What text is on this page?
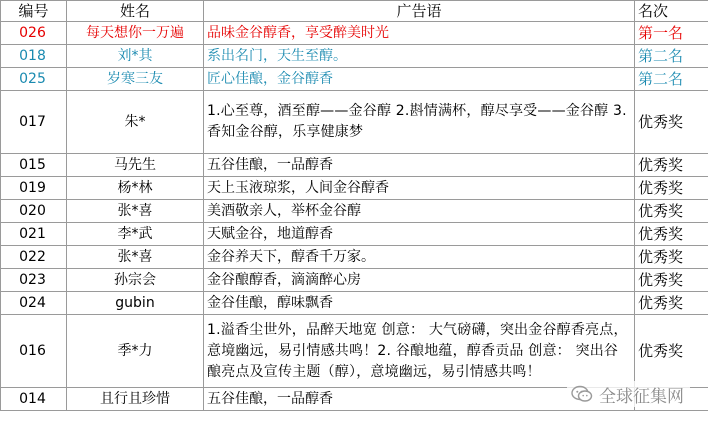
编号	姓名	广告语	名次
026	每天想你一万遍	品味金谷醇香，享受醉美时光	第一名
018	刘*其	系出名门，天生至醇。	第二名
025	岁寒三友	匠心佳酿，金谷醇香	第二名
017	朱*	1.心至尊，酒至醇——金谷醇 2.斟情满杯，醇尽享受——金谷醇 3.香知金谷醇，乐享健康梦	优秀奖
015	马先生	五谷佳酿，一品醇香	优秀奖
019	杨*林	天上玉液琼浆，人间金谷醇香	优秀奖
020	张*喜	美酒敬亲人，举杯金谷醇	优秀奖
021	李*武	天赋金谷，地道醇香	优秀奖
022	张*喜	金谷养天下，醇香千万家。	优秀奖
023	孙宗会	金谷酿醇香，滴滴醉心房	优秀奖
024	gubin	金谷佳酿，醇味飘香	优秀奖
016	季*力	1.溢香尘世外，品醉天地宽 创意： 大气磅礴，突出金谷醇香亮点，意境幽远，易引情感共鸣！2. 谷酿地蕴，醇香贡品 创意： 突出谷酿亮点及宣传主题（醇），意境幽远，易引情感共鸣！	优秀奖
014	且行且珍惜	五谷佳酿，一品醇香		全球征集网
